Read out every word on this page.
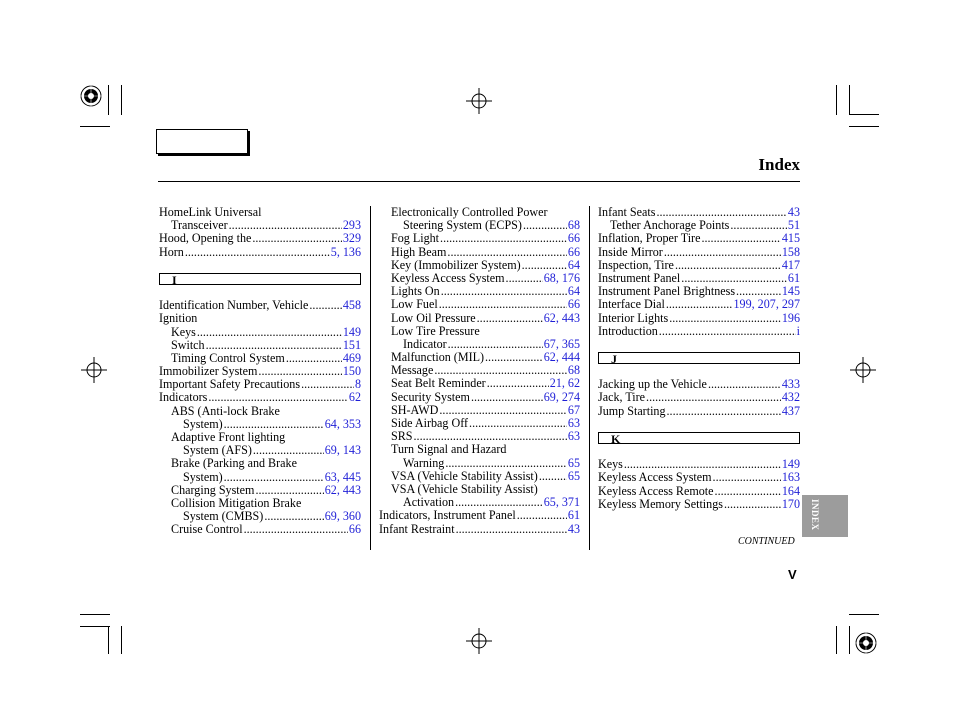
Index
HomeLink Universal
Transceiver .....	293
Hood, Opening the .....	329
Horn .....	5, 136
I
Identification Number, Vehicle .....	458
Ignition
Keys .....	149
Switch .....	151
Timing Control System .....	469
Immobilizer System .....	150
Important Safety Precautions .....	8
Indicators .....	62
ABS (Anti-lock Brake
System) .....	64, 353
Adaptive Front lighting
System (AFS) .....	69, 143
Brake (Parking and Brake
System) .....	63, 445
Charging System .....	62, 443
Collision Mitigation Brake
System (CMBS) .....	69, 360
Cruise Control .....	66
Electronically Controlled Power
Steering System (ECPS) .....	68
Fog Light .....	66
High Beam .....	66
Key (Immobilizer System) .....	64
Keyless Access System .....	68, 176
Lights On .....	64
Low Fuel .....	66
Low Oil Pressure .....	62, 443
Low Tire Pressure
Indicator .....	67, 365
Malfunction (MIL) .....	62, 444
Message .....	68
Seat Belt Reminder .....	21, 62
Security System .....	69, 274
SH-AWD .....	67
Side Airbag Off .....	63
SRS .....	63
Turn Signal and Hazard
Warning .....	65
VSA (Vehicle Stability Assist) ..... 65
VSA (Vehicle Stability Assist)
Activation .....	65, 371
Indicators, Instrument Panel .....	61
Infant Restraint .....	43
Infant Seats .....	43
Tether Anchorage Points .....	51
Inflation, Proper Tire .....	415
Inside Mirror .....	158
Inspection, Tire .....	417
Instrument Panel .....	61
Instrument Panel Brightness .....	145
Interface Dial .....	199, 207, 297
Interior Lights .....	196
Introduction .....	i
J
Jacking up the Vehicle .....	433
Jack, Tire .....	432
Jump Starting .....	437
K
Keys .....	149
Keyless Access System .....	163
Keyless Access Remote .....	164
Keyless Memory Settings .....	170
CONTINUED
V
INDEX
